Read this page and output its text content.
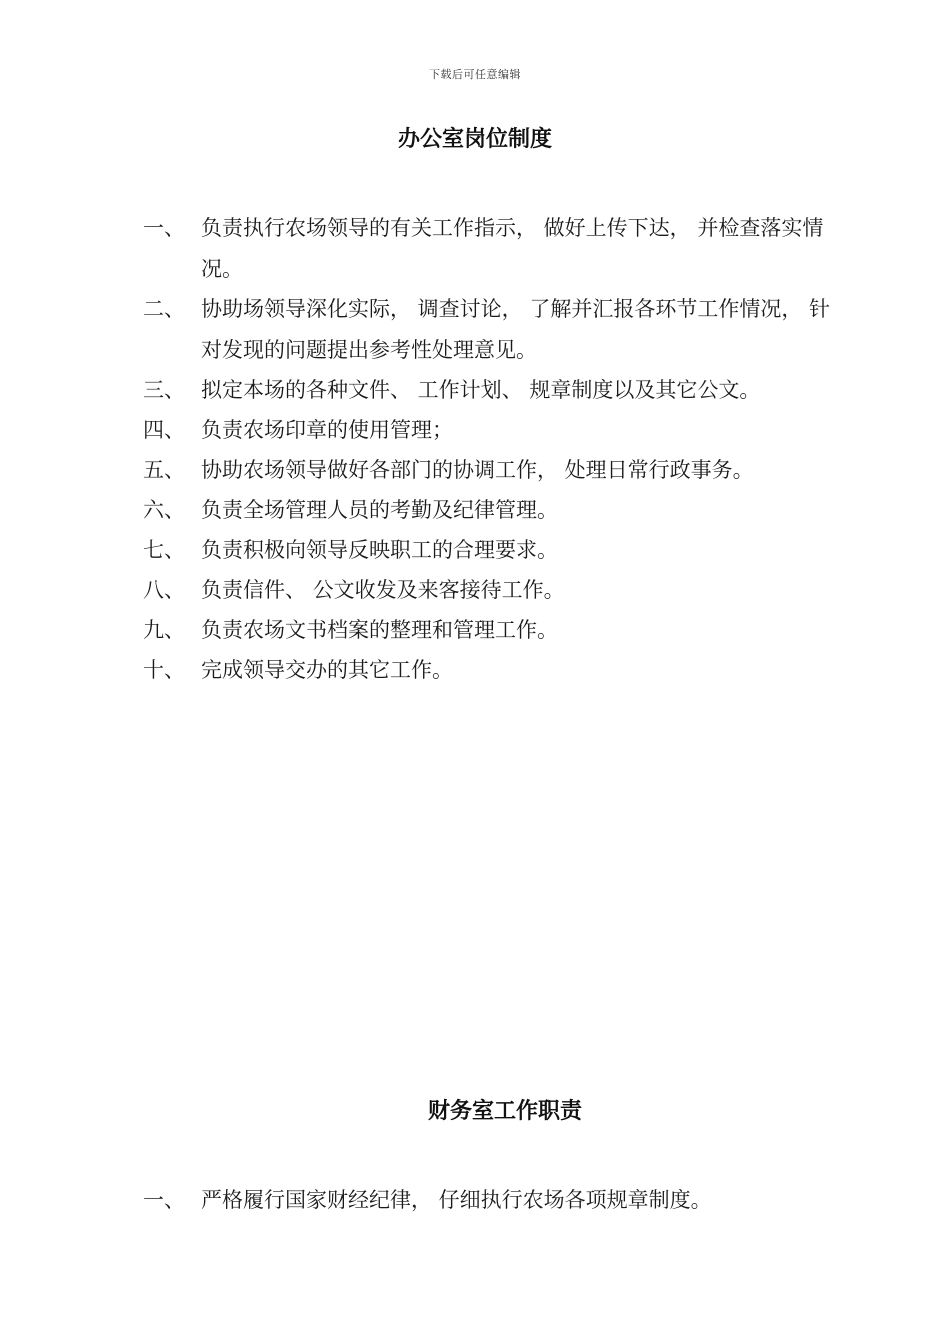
下载后可任意编辑
办公室岗位制度
一、 负责执行农场领导的有关工作指示， 做好上传下达， 并检查落实情况。
二、 协助场领导深化实际， 调查讨论， 了解并汇报各环节工作情况， 针对发现的问题提出参考性处理意见。
三、 拟定本场的各种文件、 工作计划、 规章制度以及其它公文。
四、 负责农场印章的使用管理；
五、 协助农场领导做好各部门的协调工作， 处理日常行政事务。
六、 负责全场管理人员的考勤及纪律管理。
七、 负责积极向领导反映职工的合理要求。
八、 负责信件、 公文收发及来客接待工作。
九、 负责农场文书档案的整理和管理工作。
十、 完成领导交办的其它工作。
财务室工作职责
一、 严格履行国家财经纪律， 仔细执行农场各项规章制度。
